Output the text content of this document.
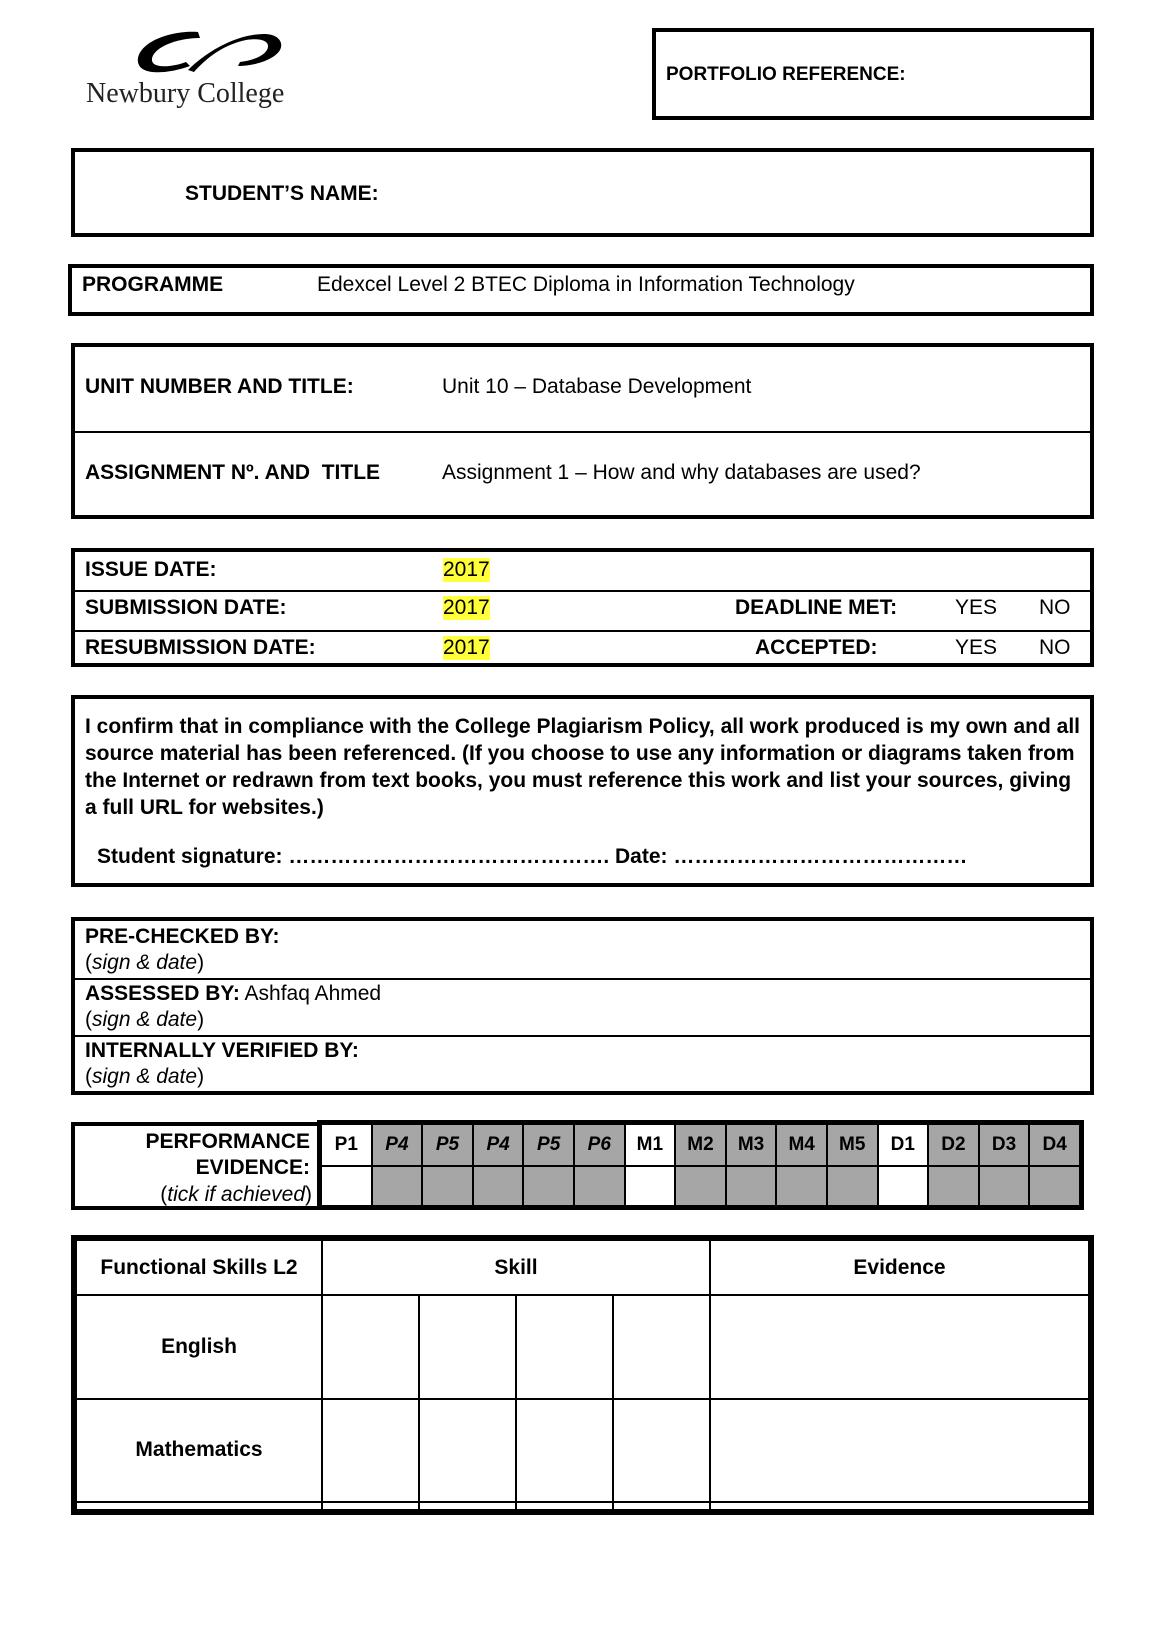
Newbury College
PORTFOLIO REFERENCE:
STUDENT’S NAME:
PROGRAMME	Edexcel Level 2 BTEC Diploma in Information Technology
UNIT NUMBER AND TITLE:	Unit 10 – Database Development
ASSIGNMENT Nº. AND  TITLE	Assignment 1 – How and why databases are used?
ISSUE DATE:	2017
SUBMISSION DATE:	2017	DEADLINE MET:	YES NO
RESUBMISSION DATE:	2017	ACCEPTED:	YES NO

I confirm that in compliance with the College Plagiarism Policy, all work produced is my own and all source material has been referenced. (If you choose to use any information or diagrams taken from the Internet or redrawn from text books, you must reference this work and list your sources, giving a full URL for websites.)

Student signature: ………………………………………. Date: ……………………………………
PRE-CHECKED BY:
(sign & date)
ASSESSED BY: Ashfaq Ahmed
(sign & date)
INTERNALLY VERIFIED BY:
(sign & date)
PERFORMANCE
EVIDENCE:
(tick if achieved)
P1	P4	P5	P4	P5	P6	M1	M2	M3	M4	M5	D1	D2	D3	D4

Functional Skills L2	Skill				Evidence
English					
Mathematics					
